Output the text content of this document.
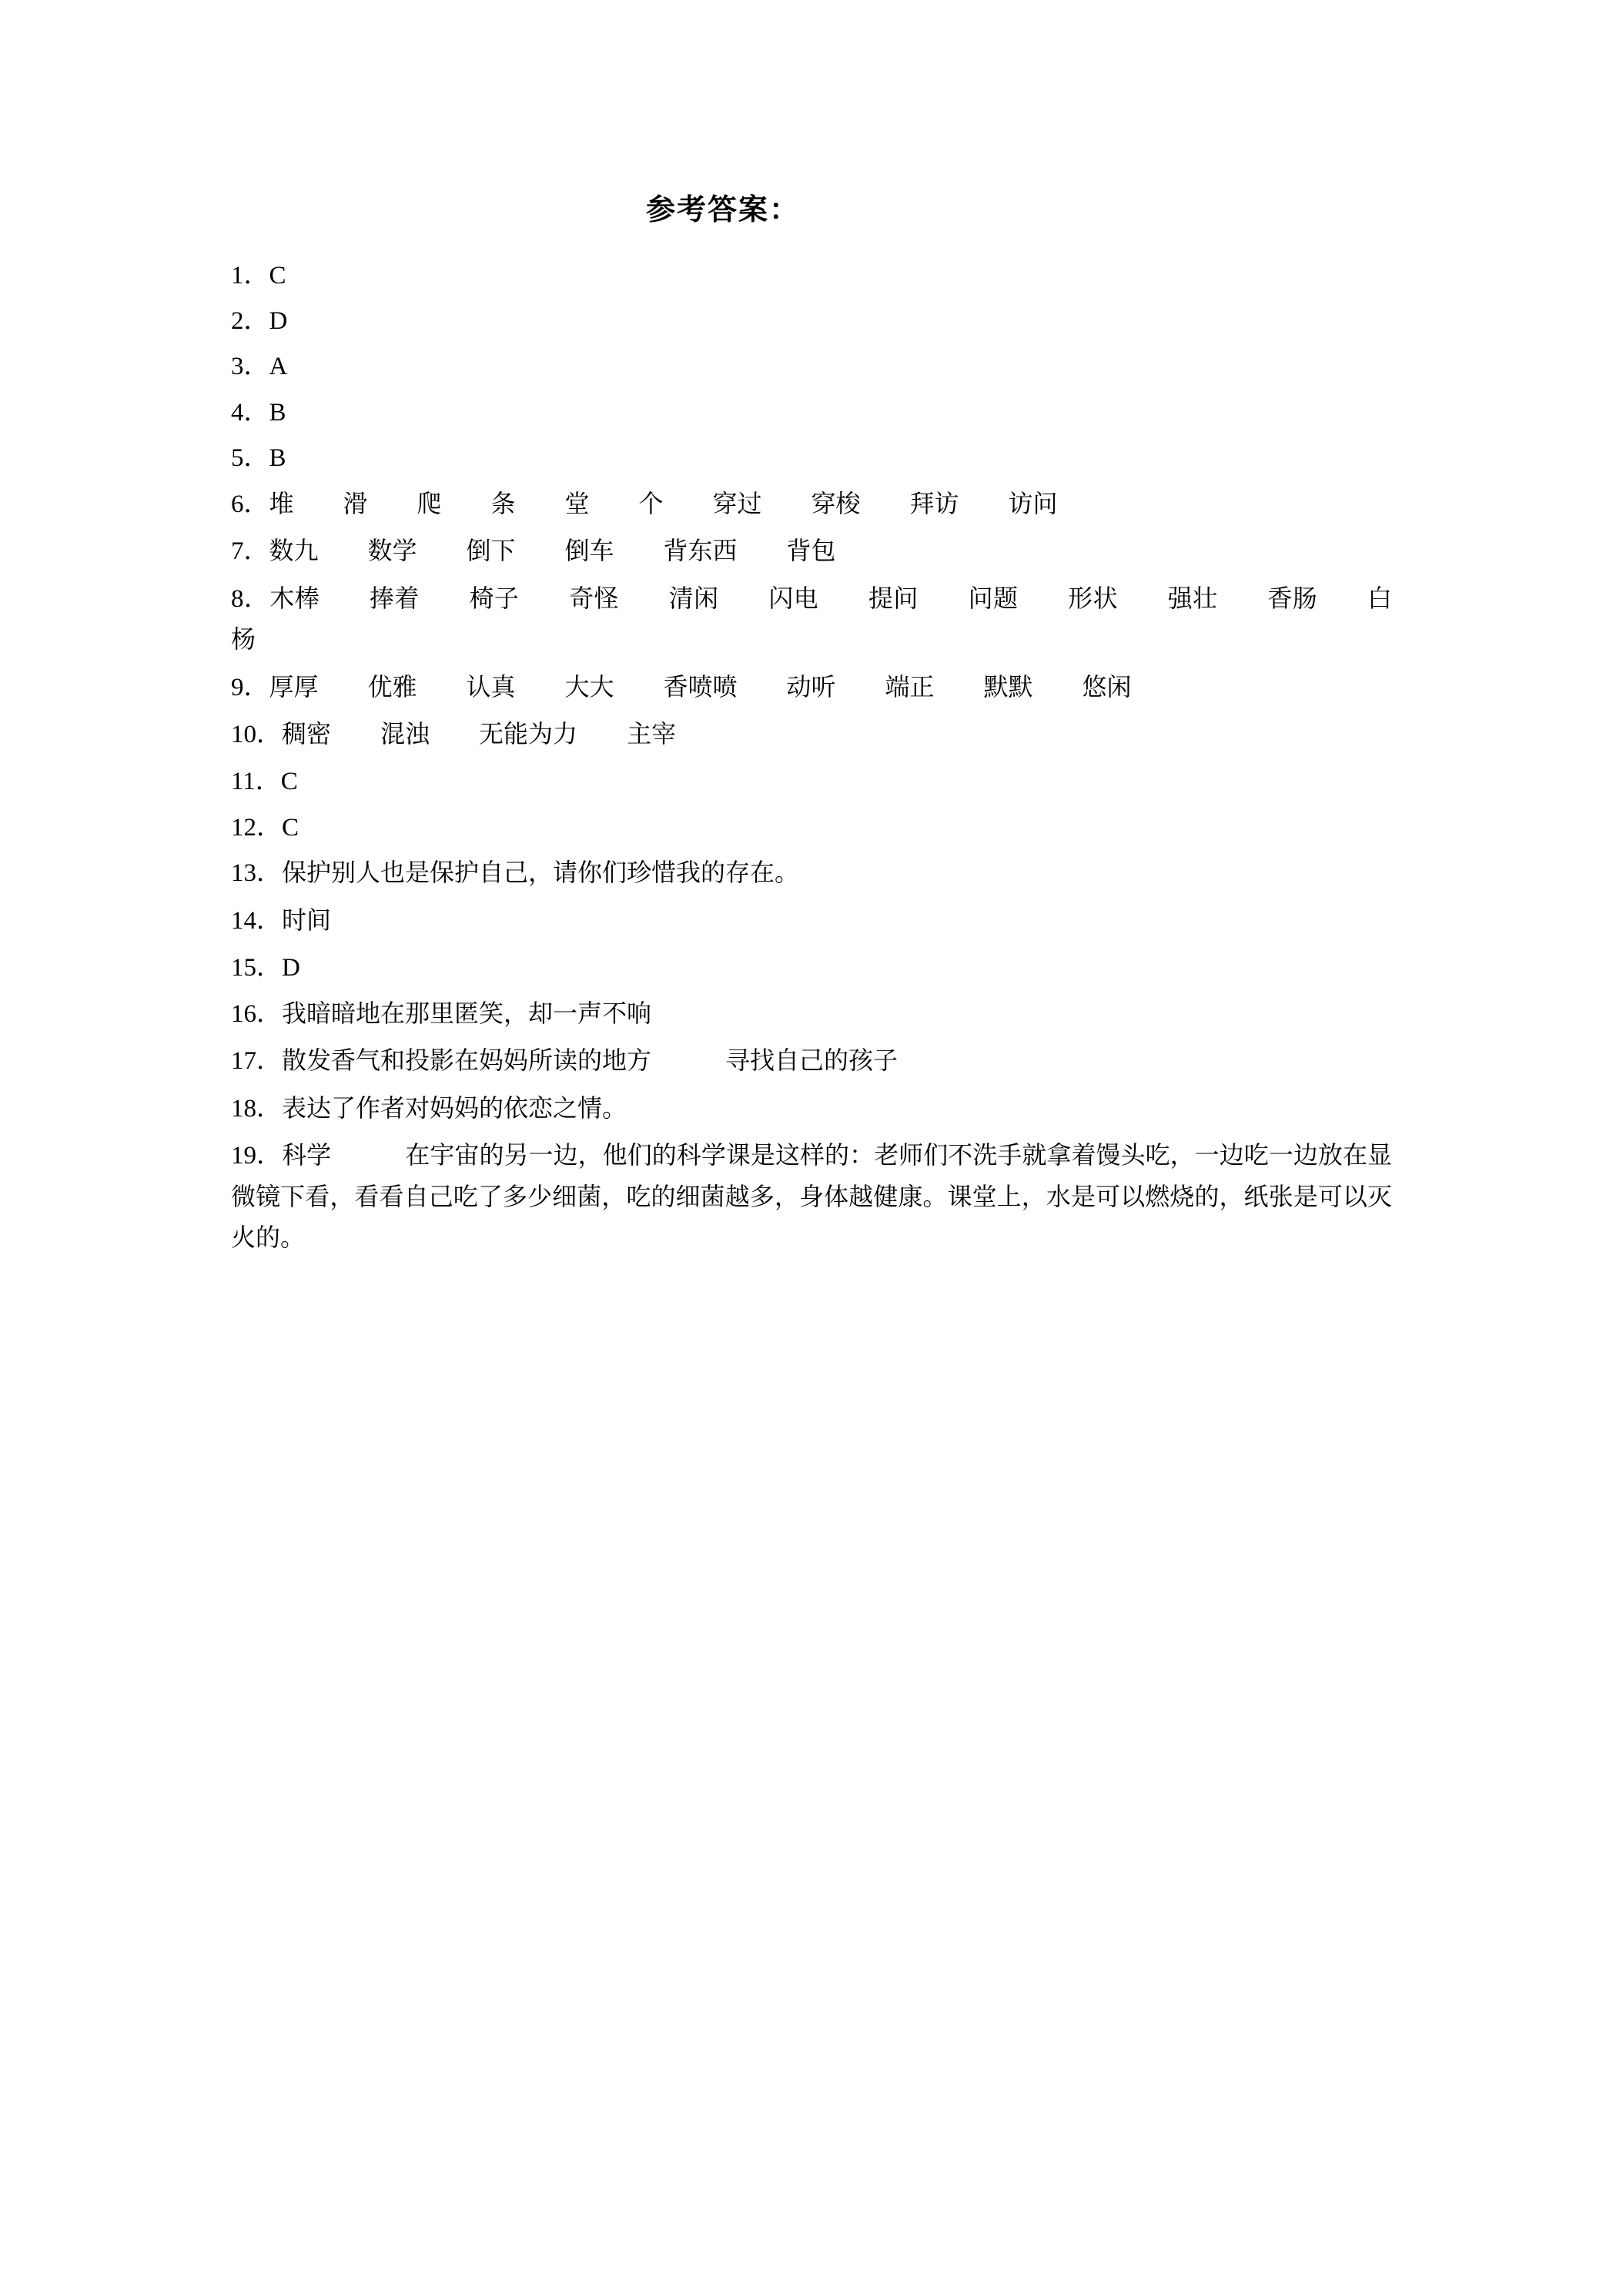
参考答案：
1．C
2．D
3．A
4．B
5．B
6．堆　　滑　　爬　　条　　堂　　个　　穿过　　穿梭　　拜访　　访问
7．数九　　数学　　倒下　　倒车　　背东西　　背包
8．木棒　　捧着　　椅子　　奇怪　　清闲　　闪电　　提问　　问题　　形状　　强壮　　香肠　　白杨
9．厚厚　　优雅　　认真　　大大　　香喷喷　　动听　　端正　　默默　　悠闲
10．稠密　　混浊　　无能为力　　主宰
11．C
12．C
13．保护别人也是保护自己，请你们珍惜我的存在。
14．时间
15．D
16．我暗暗地在那里匿笑，却一声不响
17．散发香气和投影在妈妈所读的地方　　　寻找自己的孩子
18．表达了作者对妈妈的依恋之情。
19．科学　　　在宇宙的另一边，他们的科学课是这样的：老师们不洗手就拿着馒头吃，一边吃一边放在显微镜下看，看看自己吃了多少细菌，吃的细菌越多，身体越健康。课堂上，水是可以燃烧的，纸张是可以灭火的。
